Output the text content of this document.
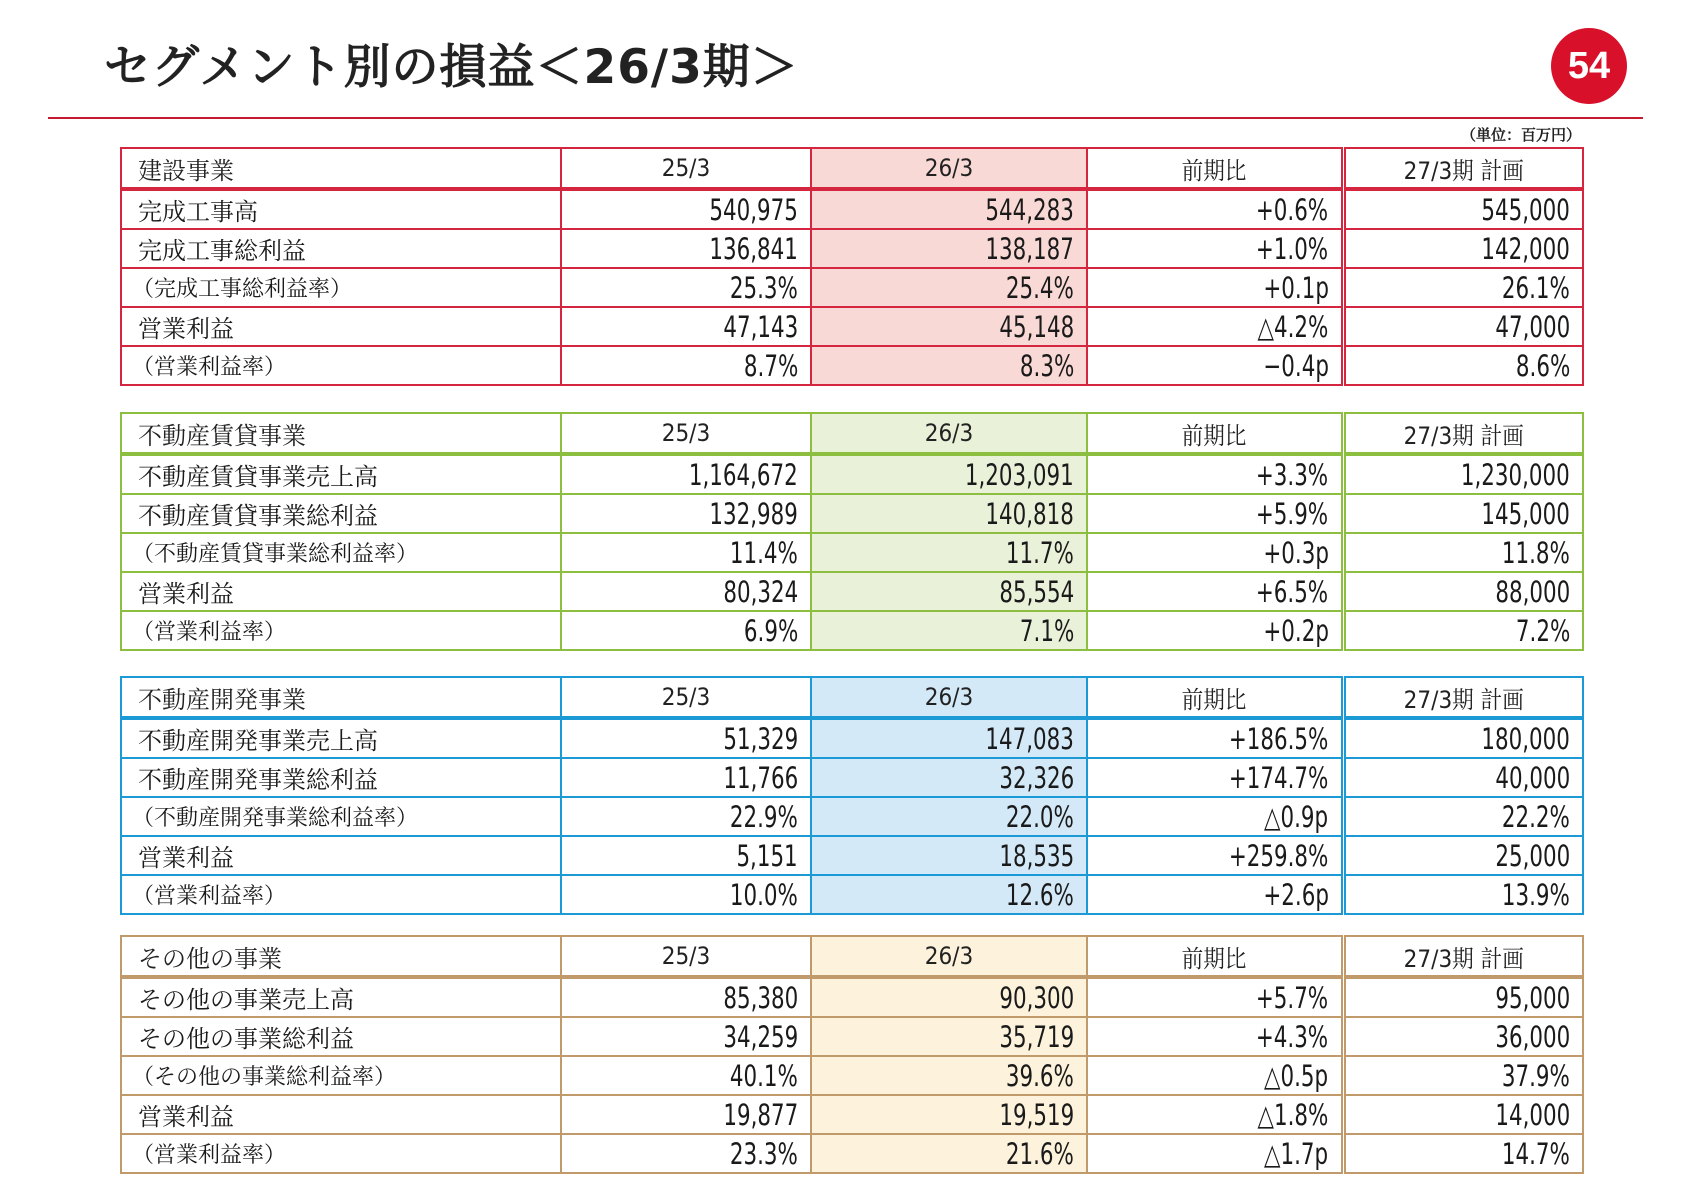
セグメント別の損益＜26/3期＞	54
（単位：百万円）
建設事業	25/3	26/3	前期比	27/3期 計画
完成工事高	540,975	544,283	+0.6%	545,000
完成工事総利益	136,841	138,187	+1.0%	142,000
（完成工事総利益率）	25.3%	25.4%	+0.1p	26.1%
営業利益	47,143	45,148	△4.2%	47,000
（営業利益率）	8.7%	8.3%	−0.4p	8.6%
不動産賃貸事業	25/3	26/3	前期比	27/3期 計画
不動産賃貸事業売上高	1,164,672	1,203,091	+3.3%	1,230,000
不動産賃貸事業総利益	132,989	140,818	+5.9%	145,000
（不動産賃貸事業総利益率）	11.4%	11.7%	+0.3p	11.8%
営業利益	80,324	85,554	+6.5%	88,000
（営業利益率）	6.9%	7.1%	+0.2p	7.2%
不動産開発事業	25/3	26/3	前期比	27/3期 計画
不動産開発事業売上高	51,329	147,083	+186.5%	180,000
不動産開発事業総利益	11,766	32,326	+174.7%	40,000
（不動産開発事業総利益率）	22.9%	22.0%	△0.9p	22.2%
営業利益	5,151	18,535	+259.8%	25,000
（営業利益率）	10.0%	12.6%	+2.6p	13.9%
その他の事業	25/3	26/3	前期比	27/3期 計画
その他の事業売上高	85,380	90,300	+5.7%	95,000
その他の事業総利益	34,259	35,719	+4.3%	36,000
（その他の事業総利益率）	40.1%	39.6%	△0.5p	37.9%
営業利益	19,877	19,519	△1.8%	14,000
（営業利益率）	23.3%	21.6%	△1.7p	14.7%
